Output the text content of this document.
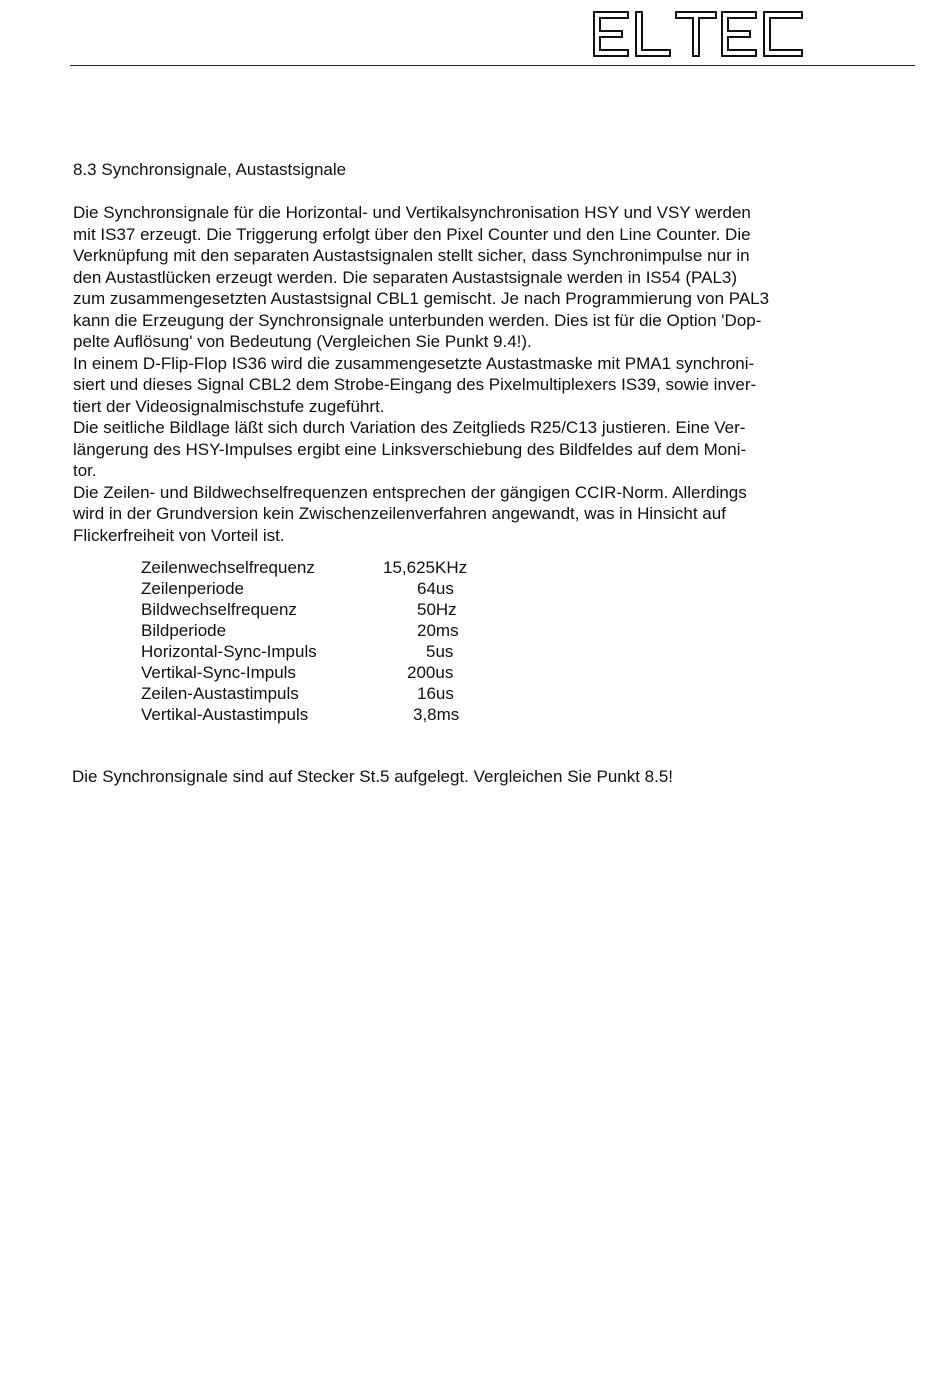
8.3 Synchronsignale, Austastsignale
Die Synchronsignale für die Horizontal- und Vertikalsynchronisation HSY und VSY werden
mit IS37 erzeugt. Die Triggerung erfolgt über den Pixel Counter und den Line Counter. Die
Verknüpfung mit den separaten Austastsignalen stellt sicher, dass Synchronimpulse nur in
den Austastlücken erzeugt werden. Die separaten Austastsignale werden in IS54 (PAL3)
zum zusammengesetzten Austastsignal CBL1 gemischt. Je nach Programmierung von PAL3
kann die Erzeugung der Synchronsignale unterbunden werden. Dies ist für die Option 'Dop-
pelte Auflösung' von Bedeutung (Vergleichen Sie Punkt 9.4!).
In einem D-Flip-Flop IS36 wird die zusammengesetzte Austastmaske mit PMA1 synchroni-
siert und dieses Signal CBL2 dem Strobe-Eingang des Pixelmultiplexers IS39, sowie inver-
tiert der Videosignalmischstufe zugeführt.
Die seitliche Bildlage läßt sich durch Variation des Zeitglieds R25/C13 justieren. Eine Ver-
längerung des HSY-Impulses ergibt eine Linksverschiebung des Bildfeldes auf dem Moni-
tor.
Die Zeilen- und Bildwechselfrequenzen entsprechen der gängigen CCIR-Norm. Allerdings
wird in der Grundversion kein Zwischenzeilenverfahren angewandt, was in Hinsicht auf
Flickerfreiheit von Vorteil ist.
Zeilenwechselfrequenz	15,625KHz
Zeilenperiode	64us
Bildwechselfrequenz	50Hz
Bildperiode	20ms
Horizontal-Sync-Impuls	5us
Vertikal-Sync-Impuls	200us
Zeilen-Austastimpuls	16us
Vertikal-Austastimpuls	3,8ms
Die Synchronsignale sind auf Stecker St.5 aufgelegt. Vergleichen Sie Punkt 8.5!
